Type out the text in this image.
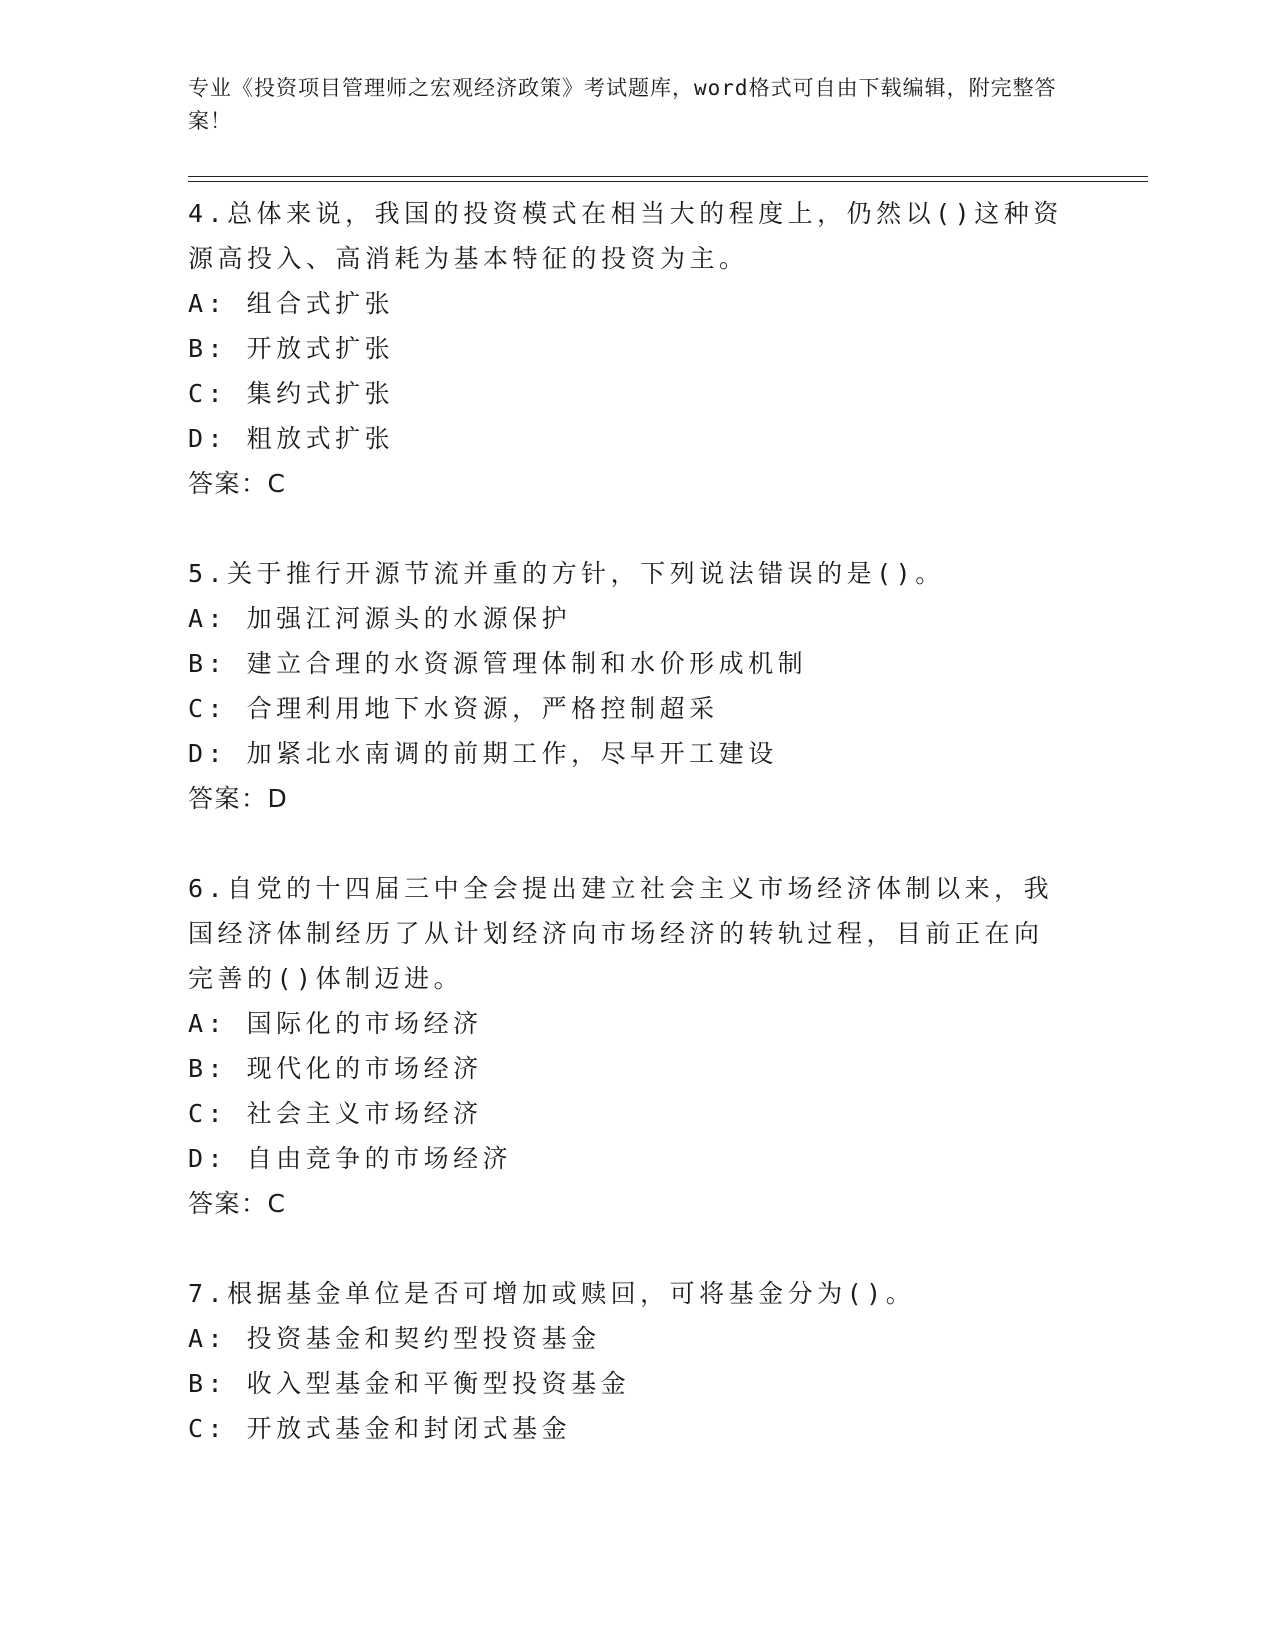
专业《投资项目管理师之宏观经济政策》考试题库，word格式可自由下载编辑，附完整答案！

4.总体来说，我国的投资模式在相当大的程度上，仍然以()这种资源高投入、高消耗为基本特征的投资为主。

A: 组合式扩张

B: 开放式扩张

C: 集约式扩张

D: 粗放式扩张

答案：C

5.关于推行开源节流并重的方针，下列说法错误的是()。

A: 加强江河源头的水源保护

B: 建立合理的水资源管理体制和水价形成机制

C: 合理利用地下水资源，严格控制超采

D: 加紧北水南调的前期工作，尽早开工建设

答案：D

6.自党的十四届三中全会提出建立社会主义市场经济体制以来，我国经济体制经历了从计划经济向市场经济的转轨过程，目前正在向完善的()体制迈进。

A: 国际化的市场经济

B: 现代化的市场经济

C: 社会主义市场经济

D: 自由竞争的市场经济

答案：C

7.根据基金单位是否可增加或赎回，可将基金分为()。

A: 投资基金和契约型投资基金

B: 收入型基金和平衡型投资基金

C: 开放式基金和封闭式基金
